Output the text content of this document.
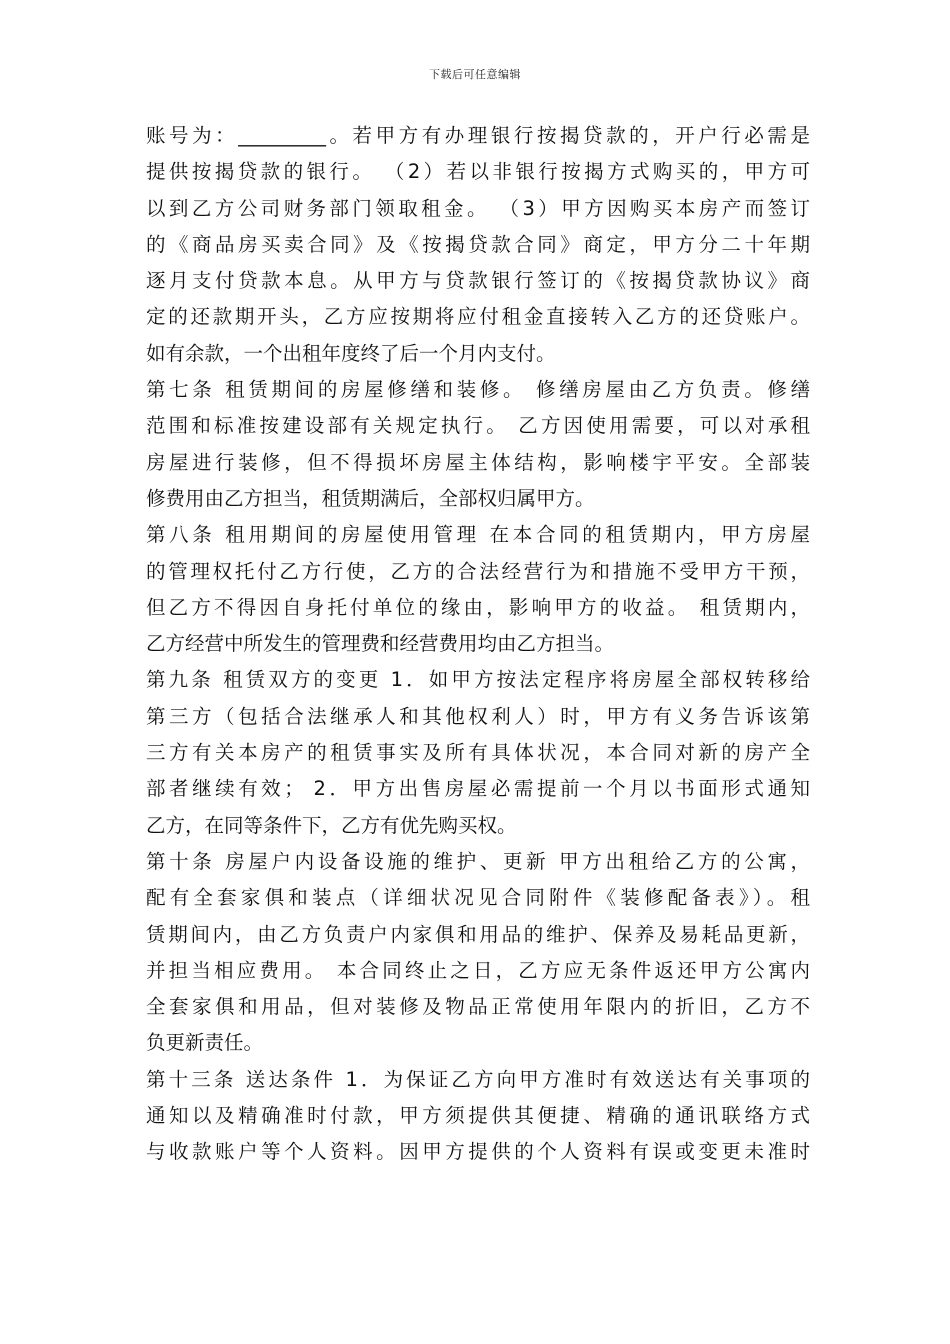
下载后可任意编辑
账号为：_________。若甲方有办理银行按揭贷款的，开户行必需是
提供按揭贷款的银行。 （2）若以非银行按揭方式购买的，甲方可
以到乙方公司财务部门领取租金。 （3）甲方因购买本房产而签订
的《商品房买卖合同》及《按揭贷款合同》商定，甲方分二十年期
逐月支付贷款本息。从甲方与贷款银行签订的《按揭贷款协议》商
定的还款期开头，乙方应按期将应付租金直接转入乙方的还贷账户。
如有余款，一个出租年度终了后一个月内支付。
第七条 租赁期间的房屋修缮和装修。 修缮房屋由乙方负责。修缮
范围和标准按建设部有关规定执行。 乙方因使用需要，可以对承租
房屋进行装修，但不得损坏房屋主体结构，影响楼宇平安。全部装
修费用由乙方担当，租赁期满后，全部权归属甲方。
第八条 租用期间的房屋使用管理 在本合同的租赁期内，甲方房屋
的管理权托付乙方行使，乙方的合法经营行为和措施不受甲方干预，
但乙方不得因自身托付单位的缘由，影响甲方的收益。 租赁期内，
乙方经营中所发生的管理费和经营费用均由乙方担当。
第九条 租赁双方的变更 1．如甲方按法定程序将房屋全部权转移给
第三方（包括合法继承人和其他权利人）时，甲方有义务告诉该第
三方有关本房产的租赁事实及所有具体状况，本合同对新的房产全
部者继续有效； 2．甲方出售房屋必需提前一个月以书面形式通知
乙方，在同等条件下，乙方有优先购买权。
第十条 房屋户内设备设施的维护、更新 甲方出租给乙方的公寓，
配有全套家俱和装点（详细状况见合同附件《装修配备表》）。租
赁期间内，由乙方负责户内家俱和用品的维护、保养及易耗品更新，
并担当相应费用。 本合同终止之日，乙方应无条件返还甲方公寓内
全套家俱和用品，但对装修及物品正常使用年限内的折旧，乙方不
负更新责任。
第十三条 送达条件 1．为保证乙方向甲方准时有效送达有关事项的
通知以及精确准时付款，甲方须提供其便捷、精确的通讯联络方式
与收款账户等个人资料。因甲方提供的个人资料有误或变更未准时
